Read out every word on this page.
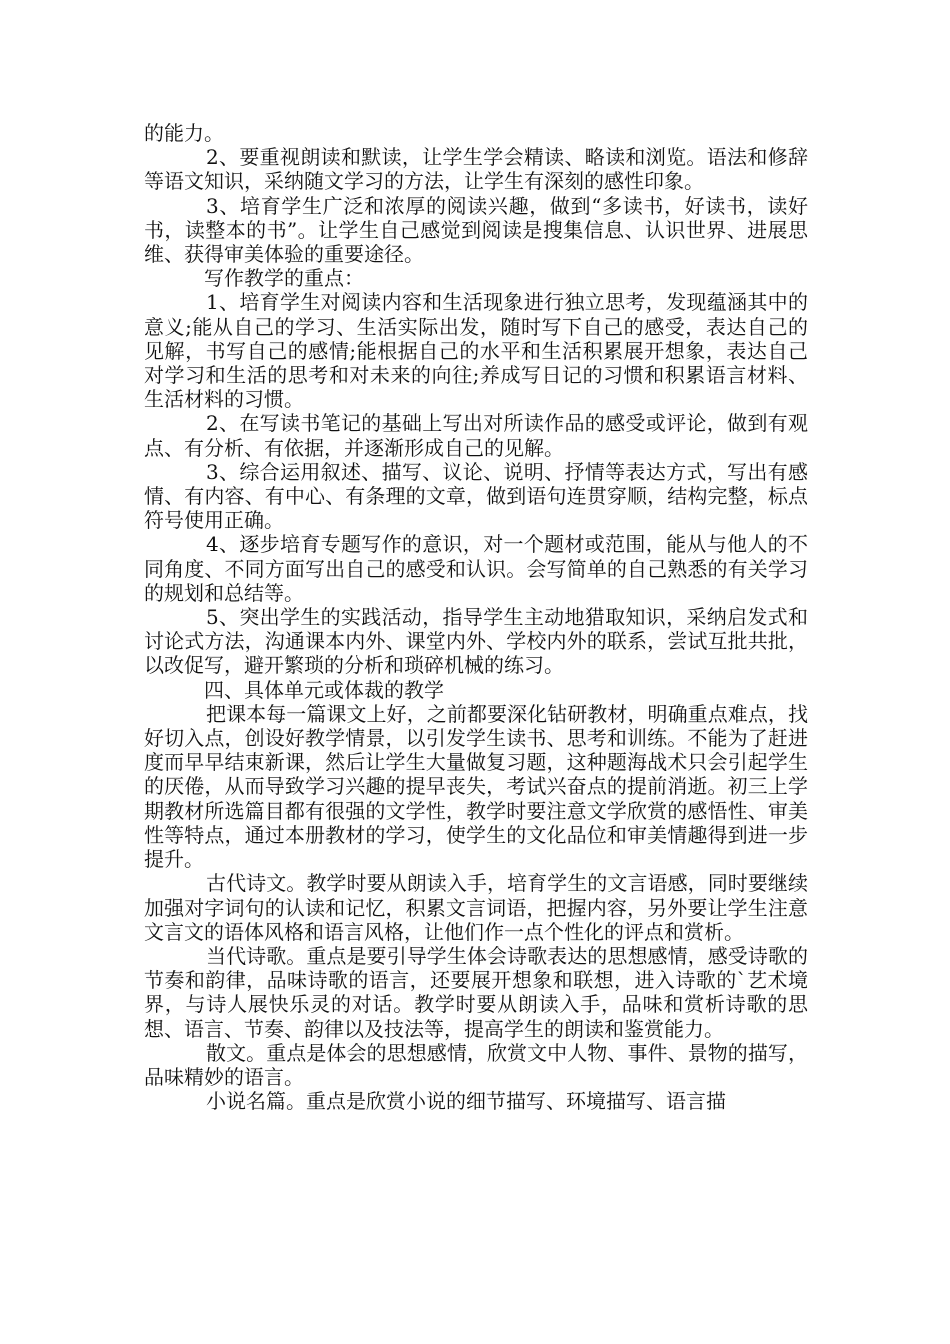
的能力。

2、要重视朗读和默读，让学生学会精读、略读和浏览。语法和修辞等语文知识，采纳随文学习的方法，让学生有深刻的感性印象。

3、培育学生广泛和浓厚的阅读兴趣，做到“多读书，好读书，读好书，读整本的书”。让学生自己感觉到阅读是搜集信息、认识世界、进展思维、获得审美体验的重要途径。

写作教学的重点：

1、培育学生对阅读内容和生活现象进行独立思考，发现蕴涵其中的意义;能从自己的学习、生活实际出发，随时写下自己的感受，表达自己的见解，书写自己的感情;能根据自己的水平和生活积累展开想象，表达自己对学习和生活的思考和对未来的向往;养成写日记的习惯和积累语言材料、生活材料的习惯。

2、在写读书笔记的基础上写出对所读作品的感受或评论，做到有观点、有分析、有依据，并逐渐形成自己的见解。

3、综合运用叙述、描写、议论、说明、抒情等表达方式，写出有感情、有内容、有中心、有条理的文章，做到语句连贯穿顺，结构完整，标点符号使用正确。

4、逐步培育专题写作的意识，对一个题材或范围，能从与他人的不同角度、不同方面写出自己的感受和认识。会写简单的自己熟悉的有关学习的规划和总结等。

5、突出学生的实践活动，指导学生主动地猎取知识，采纳启发式和讨论式方法，沟通课本内外、课堂内外、学校内外的联系，尝试互批共批，以改促写，避开繁琐的分析和琐碎机械的练习。

四、具体单元或体裁的教学

把课本每一篇课文上好，之前都要深化钻研教材，明确重点难点，找好切入点，创设好教学情景，以引发学生读书、思考和训练。不能为了赶进度而早早结束新课，然后让学生大量做复习题，这种题海战术只会引起学生的厌倦，从而导致学习兴趣的提早丧失，考试兴奋点的提前消逝。初三上学期教材所选篇目都有很强的文学性，教学时要注意文学欣赏的感悟性、审美性等特点，通过本册教材的学习，使学生的文化品位和审美情趣得到进一步提升。

古代诗文。教学时要从朗读入手，培育学生的文言语感，同时要继续加强对字词句的认读和记忆，积累文言词语，把握内容，另外要让学生注意文言文的语体风格和语言风格，让他们作一点个性化的评点和赏析。

当代诗歌。重点是要引导学生体会诗歌表达的思想感情，感受诗歌的节奏和韵律，品味诗歌的语言，还要展开想象和联想，进入诗歌的`艺术境界，与诗人展快乐灵的对话。教学时要从朗读入手，品味和赏析诗歌的思想、语言、节奏、韵律以及技法等，提高学生的朗读和鉴赏能力。

散文。重点是体会的思想感情，欣赏文中人物、事件、景物的描写，品味精妙的语言。

小说名篇。重点是欣赏小说的细节描写、环境描写、语言描
